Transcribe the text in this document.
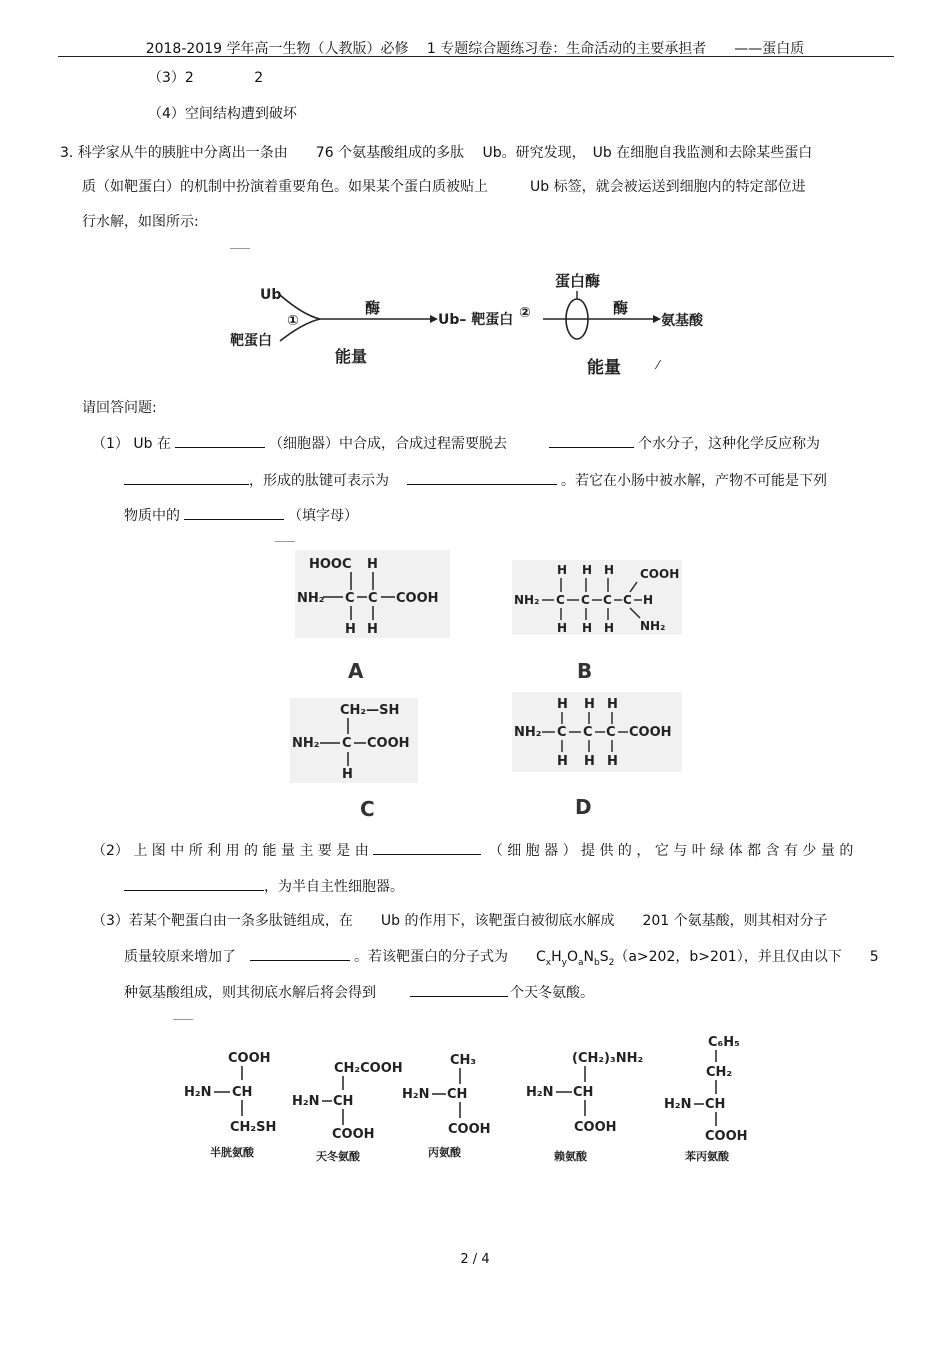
2018-2019 学年高一生物（人教版）必修　 1 专题综合题练习卷：生命活动的主要承担者　　——蛋白质
（3）2　　　　 2
（4）空间结构遭到破坏
3. 科学家从牛的胰脏中分离出一条由　　76 个氨基酸组成的多肽　 Ub。研究发现，　Ub 在细胞自我监测和去除某些蛋白
质（如靶蛋白）的机制中扮演着重要角色。如果某个蛋白质被贴上　　　Ub 标签，就会被运送到细胞内的特定部位进
行水解，如图所示:
Ub
靶蛋白
①
酶
能量
Ub– 靶蛋白 ②
蛋白酶
酶
氨基酸
能量	⁄
请回答问题:
（1） Ub 在	（细胞器）中合成，合成过程需要脱去	个水分子，这种化学反应称为
，形成的肽键可表示为	。若它在小肠中被水解，产物不可能是下列
物质中的	（填字母）
HOOC H
NH₂ C C COOH
H H
A
H H H COOH
NH₂ C C C C H
H H H NH₂
B
CH₂—SH
NH₂ C COOH
H
C
H H H
NH₂ C C C COOH
H H H
D
（2） 上 图 中 所 利 用 的 能 量 主 要 是 由	（ 细 胞 器 ） 提 供 的 ， 它 与 叶 绿 体 都 含 有 少 量 的
，为半自主性细胞器。
（3）若某个靶蛋白由一条多肽链组成，在　　Ub 的作用下，该靶蛋白被彻底水解成　　201 个氨基酸，则其相对分子
质量较原来增加了	。若该靶蛋白的分子式为　　$C_xH_yO_aN_bS_2(a>202$，b>201），并且仅由以下　　5
种氨基酸组成，则其彻底水解后将会得到	个天冬氨酸。
COOH
H₂N CH
CH₂SH
CH₂COOH
H₂N CH
COOH
CH₃
H₂N CH
COOH
(CH₂)₃NH₂
H₂N CH
COOH
C₆H₅
CH₂
H₂N CH
COOH
半胱氨酸	天冬氨酸	丙氨酸	赖氨酸	苯丙氨酸
2 / 4
